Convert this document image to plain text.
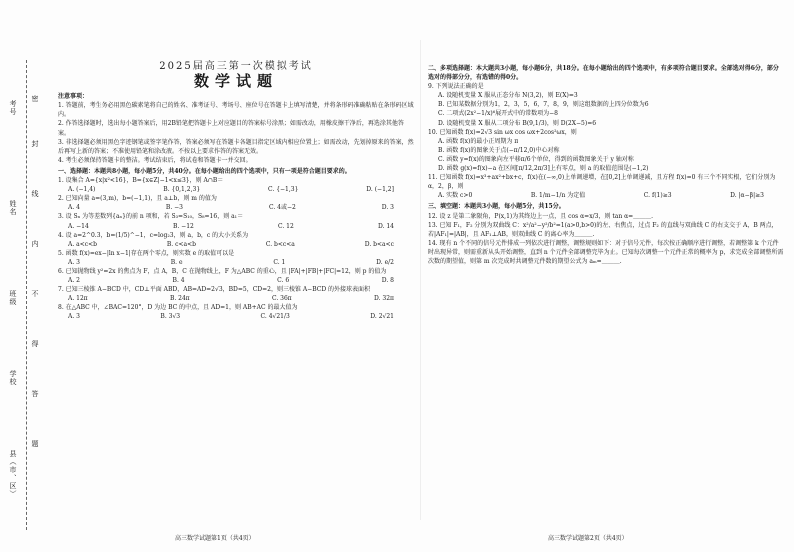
密
封
线
内
不
得
答
题
考号
姓名
班级
学校
县（市、区）
2025届高三第一次模拟考试
数学试题

注意事项：

1. 答题前，考生务必用黑色碳素笔将自己的姓名、准考证号、考场号、座位号在答题卡上填写清楚，并将条形码准确粘贴在条形码区域内。

2. 作答选择题时，选出每小题答案后，用2B铅笔把答题卡上对应题目的答案标号涂黑；如需改动，用橡皮擦干净后，再选涂其他答案。

3. 非选择题必须用黑色字迹钢笔或签字笔作答，答案必须写在答题卡各题目指定区域内相应位置上；如需改动，先划掉原来的答案，然后再写上新的答案；不准使用铅笔和涂改液。不按以上要求作答的答案无效。

4. 考生必须保持答题卡的整洁。考试结束后，将试卷和答题卡一并交回。

一、选择题：本题共8小题，每小题5分，共40分。在每小题给出的四个选项中，只有一项是符合题目要求的。

1. 设集合 A={x|x²<16}，B={x∈Z|−1<x≤3}，则 A∩B＝

A. (−1,4)	B. {0,1,2,3}	C. {−1,3}	D. (−1,2]

2. 已知向量 a=(3,m)，b=(−1,1)，且 a⊥b，则 m 的值为

A. 4	B. −3	C. 4或−2	D. 3

3. 设 Sₙ 为等差数列{aₙ}的前 n 项和，若 S₃=S₁₀，S₈=16，则 a₁＝

A. −14	B. −12	C. 12	D. 14

4. 设 a=2^0.3，b=(1/5)^−1，c=log₂3，则 a，b，c 的大小关系为

A. a<c<b	B. c<a<b	C. b<c<a	D. b<a<c

5. 函数 f(x)=ex−|ln x−1|存在两个零点，则实数 e 的取值可以是

A. 3	B. e	C. 1	D. e/2

6. 已知抛物线 y²=2x 的焦点为 F，点 A，B，C 在抛物线上，F 为△ABC 的重心，且 |FA|+|FB|+|FC|=12，则 p 的值为

A. 2	B. 4	C. 6	D. 8

7. 已知三棱锥 A−BCD 中，CD⊥平面 ABD，AB=AD=2√3，BD=5，CD=2，则三棱锥 A−BCD 的外接球表面积

A. 12π	B. 24π	C. 36π	D. 32π

8. 在△ABC 中，∠BAC=120°，D 为边 BC 的中点，且 AD=1，则 AB+AC 的最大值为

A. 3	B. 3√3	C. 4√21/3	D. 2√21
高三数学试题第1页（共4页）

二、多项选择题：本大题共3小题，每小题6分，共18分。在每小题给出的四个选项中，有多项符合题目要求。全部选对得6分，部分选对的得部分分，有选错的得0分。

9. 下列说法正确的是

A. 设随机变量 X 服从正态分布 N(3,2)，则 E(X)=3

B. 已知某数据分别为1，2，3，5，6，7，8，9，则这组数据的上四分位数为6

C. 二项式(2x²−1/x)⁶展开式中的常数项为−8

D. 设随机变量 X 服从二项分布 B(9,1/3)，则 D(2X−5)=6

10. 已知函数 f(x)=2√3 sin ωx cos ωx+2cos²ωx，则

A. 函数 f(x)的最小正周期为 π

B. 函数 f(x)的图象关于点(−π/12,0)中心对称

C. 函数 y=f(x)的图象向左平移π/6个单位，得到的函数图象关于 y 轴对称

D. 函数 g(x)=f(x)−a 在区间[π/12,2π/3]上有零点，则 a 的取值范围是(−1,2)

11. 已知函数 f(x)=x³+ax²+bx+c，f(x)在(−∞,0)上单调递增，在[0,2]上单调递减，且方程 f(x)=0 有三个不同实根，它们分别为 α，2，β，则

A. 实数 c>0	B. 1/m−1/n 为定值	C. f(1)≥3	D. |α−β|≥3

三、填空题：本题共3小题，每小题5分，共15分。

12. 设 z 是第二象限角，P(x,1)为其终边上一点，且 cos α=x/3，则 tan α=＿＿＿.

13. 已知 F₁，F₂ 分别为双曲线 C：x²/a²−y²/b²=1(a>0,b>0)的左、右焦点，过点 F₂ 的直线与双曲线 C 的右支交于 A，B 两点，若|AF₁|=|AB|，且 AF₁⊥AB，则双曲线 C 的离心率为＿＿＿.

14. 现有 n 个不同的信号元件排成一列依次进行调整，调整规则如下：对于信号元件，每次按正确顺序进行调整，若调整第 k 个元件时出现异常，则需重新从头开始调整，直到 n 个元件全部调整完毕为止。已知每次调整一个元件正常的概率为 p，求完成全部调整所需次数的期望值，则第 m 次完成时共调整元件数的期望公式为 aₘ=＿＿＿.

高三数学试题第2页（共4页）
